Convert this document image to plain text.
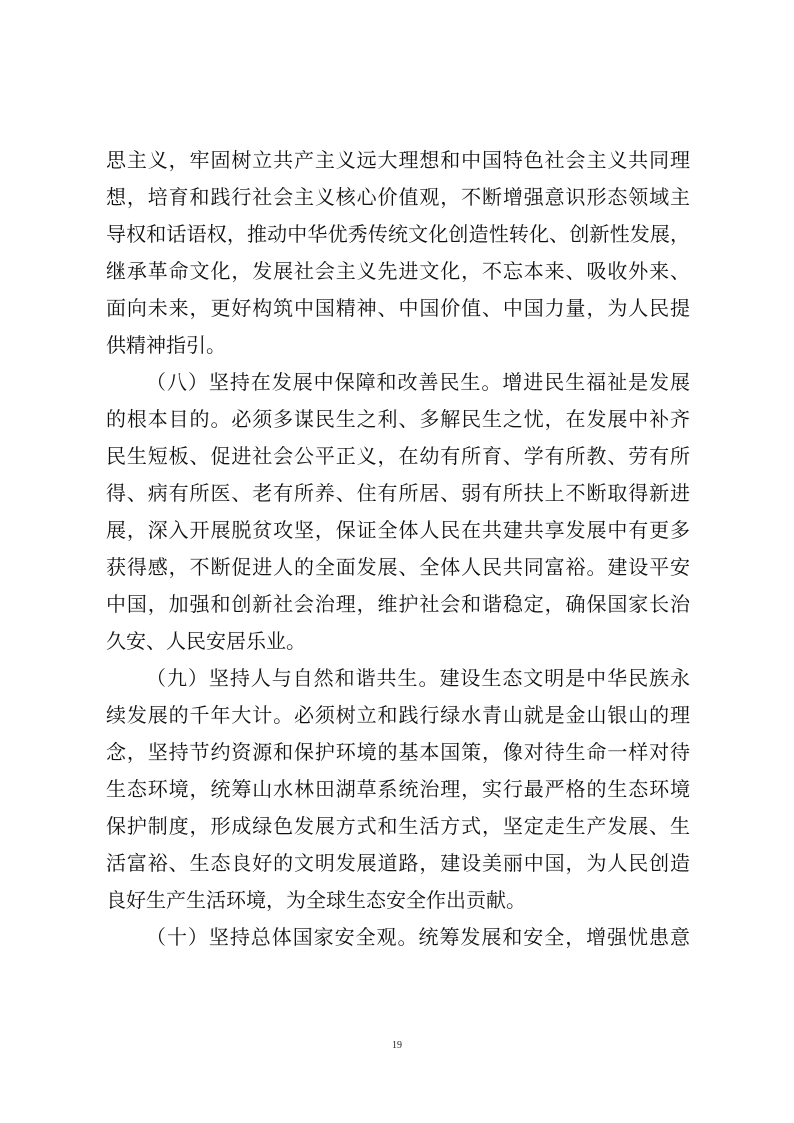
思主义，牢固树立共产主义远大理想和中国特色社会主义共同理
想，培育和践行社会主义核心价值观，不断增强意识形态领域主
导权和话语权，推动中华优秀传统文化创造性转化、创新性发展，
继承革命文化，发展社会主义先进文化，不忘本来、吸收外来、
面向未来，更好构筑中国精神、中国价值、中国力量，为人民提
供精神指引。
（八）坚持在发展中保障和改善民生。增进民生福祉是发展
的根本目的。必须多谋民生之利、多解民生之忧，在发展中补齐
民生短板、促进社会公平正义，在幼有所育、学有所教、劳有所
得、病有所医、老有所养、住有所居、弱有所扶上不断取得新进
展，深入开展脱贫攻坚，保证全体人民在共建共享发展中有更多
获得感，不断促进人的全面发展、全体人民共同富裕。建设平安
中国，加强和创新社会治理，维护社会和谐稳定，确保国家长治
久安、人民安居乐业。
（九）坚持人与自然和谐共生。建设生态文明是中华民族永
续发展的千年大计。必须树立和践行绿水青山就是金山银山的理
念，坚持节约资源和保护环境的基本国策，像对待生命一样对待
生态环境，统筹山水林田湖草系统治理，实行最严格的生态环境
保护制度，形成绿色发展方式和生活方式，坚定走生产发展、生
活富裕、生态良好的文明发展道路，建设美丽中国，为人民创造
良好生产生活环境，为全球生态安全作出贡献。
（十）坚持总体国家安全观。统筹发展和安全，增强忧患意
19
